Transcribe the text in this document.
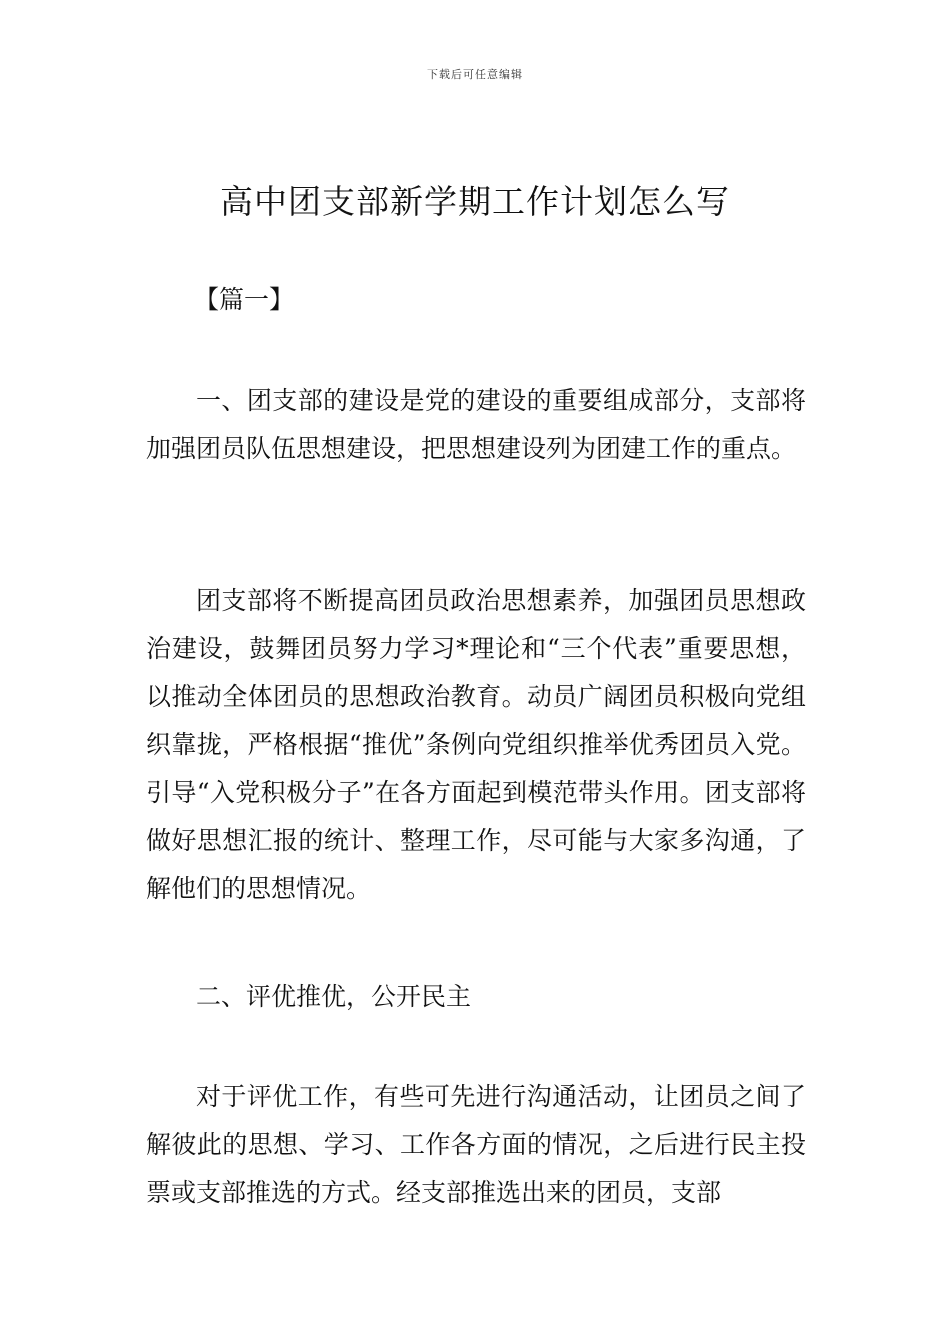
下载后可任意编辑
高中团支部新学期工作计划怎么写
【篇一】

一、团支部的建设是党的建设的重要组成部分，支部将加强团员队伍思想建设，把思想建设列为团建工作的重点。

团支部将不断提高团员政治思想素养，加强团员思想政治建设，鼓舞团员努力学习*理论和“三个代表”重要思想，以推动全体团员的思想政治教育。动员广阔团员积极向党组织靠拢，严格根据“推优”条例向党组织推举优秀团员入党。引导“入党积极分子”在各方面起到模范带头作用。团支部将做好思想汇报的统计、整理工作，尽可能与大家多沟通，了解他们的思想情况。

二、评优推优，公开民主

对于评优工作，有些可先进行沟通活动，让团员之间了解彼此的思想、学习、工作各方面的情况，之后进行民主投票或支部推选的方式。经支部推选出来的团员，支部
